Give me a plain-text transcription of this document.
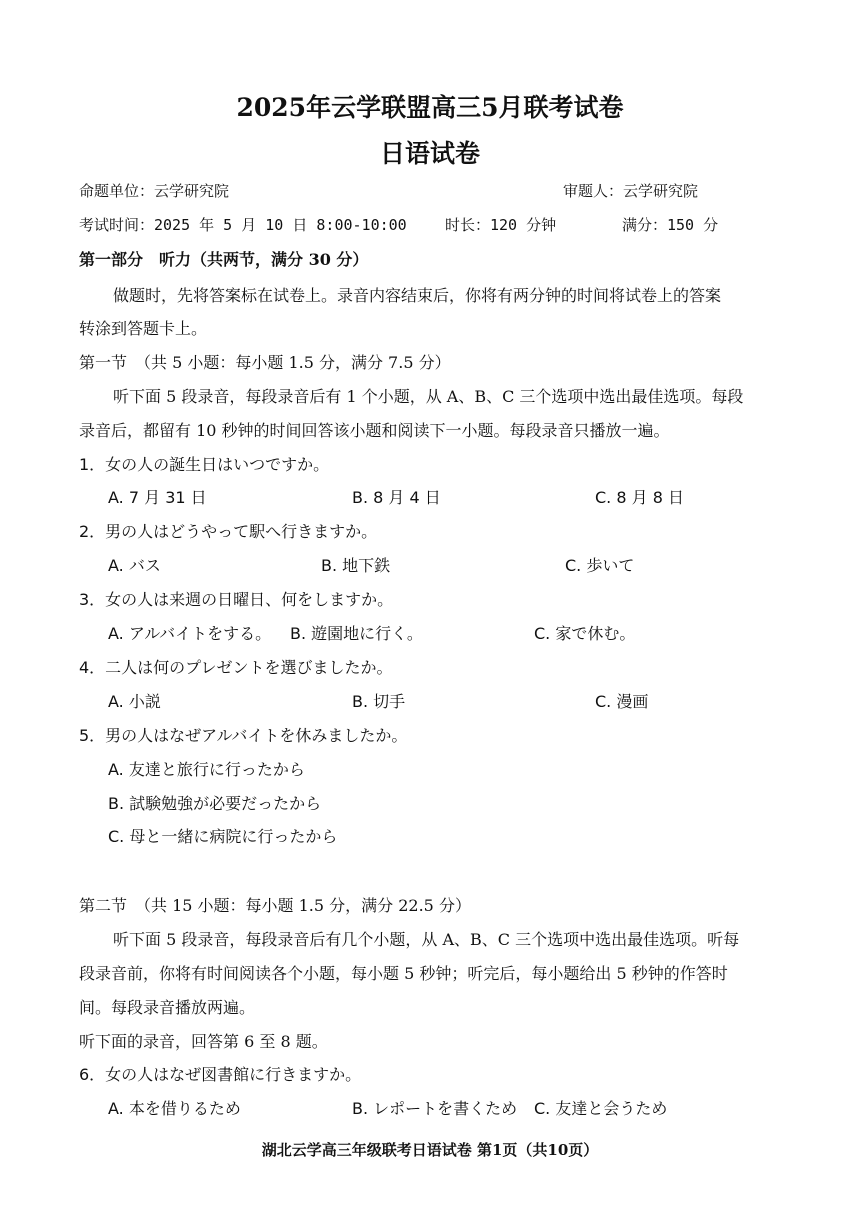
2025年云学联盟高三5月联考试卷
日语试卷
命题单位：云学研究院	审题人：云学研究院
考试时间：2025 年 5 月 10 日 8:00-10:00	时长：120 分钟	满分：150 分
第一部分　听力（共两节，满分 30 分）
做题时，先将答案标在试卷上。录音内容结束后，你将有两分钟的时间将试卷上的答案
转涂到答题卡上。
第一节　（共 5 小题：每小题 1.5 分，满分 7.5 分）
听下面 5 段录音，每段录音后有 1 个小题，从 A、B、C 三个选项中选出最佳选项。每段
录音后，都留有 10 秒钟的时间回答该小题和阅读下一小题。每段录音只播放一遍。
1．女の人の誕生日はいつですか。
A. 7 月 31 日	B. 8 月 4 日	C. 8 月 8 日
2．男の人はどうやって駅へ行きますか。
A. バス	B. 地下鉄	C. 歩いて
3．女の人は来週の日曜日、何をしますか。
A. アルバイトをする。 B. 遊園地に行く。	C. 家で休む。
4．二人は何のプレゼントを選びましたか。
A. 小説	B. 切手	C. 漫画
5．男の人はなぜアルバイトを休みましたか。
A. 友達と旅行に行ったから
B. 試験勉強が必要だったから
C. 母と一緒に病院に行ったから
第二节　（共 15 小题：每小题 1.5 分，满分 22.5 分）
听下面 5 段录音，每段录音后有几个小题，从 A、B、C 三个选项中选出最佳选项。听每
段录音前，你将有时间阅读各个小题，每小题 5 秒钟；听完后，每小题给出 5 秒钟的作答时
间。每段录音播放两遍。
听下面的录音，回答第 6 至 8 题。
6．女の人はなぜ図書館に行きますか。
A. 本を借りるため	B. レポートを書くため C. 友達と会うため
湖北云学高三年级联考日语试卷 第1页（共10页）
